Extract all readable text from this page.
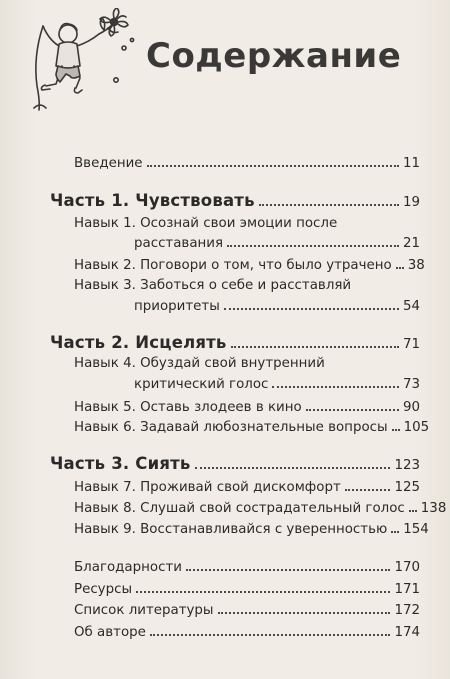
Содержание
Введение	11
Часть 1. Чувствовать	19
Навык 1. Осознай свои эмоции после
расставания	21
Навык 2. Поговори о том, что было утрачено 38
Навык 3. Заботься о себе и расставляй
приоритеты	54
Часть 2. Исцелять	71
Навык 4. Обуздай свой внутренний
критический голос	73
Навык 5. Оставь злодеев в кино	90
Навык 6. Задавай любознательные вопросы 105
Часть 3. Сиять	123
Навык 7. Проживай свой дискомфорт	125
Навык 8. Слушай свой сострадательный голос 138
Навык 9. Восстанавливайся с уверенностью 154
Благодарности	170
Ресурсы	171
Список литературы	172
Об авторе	174
